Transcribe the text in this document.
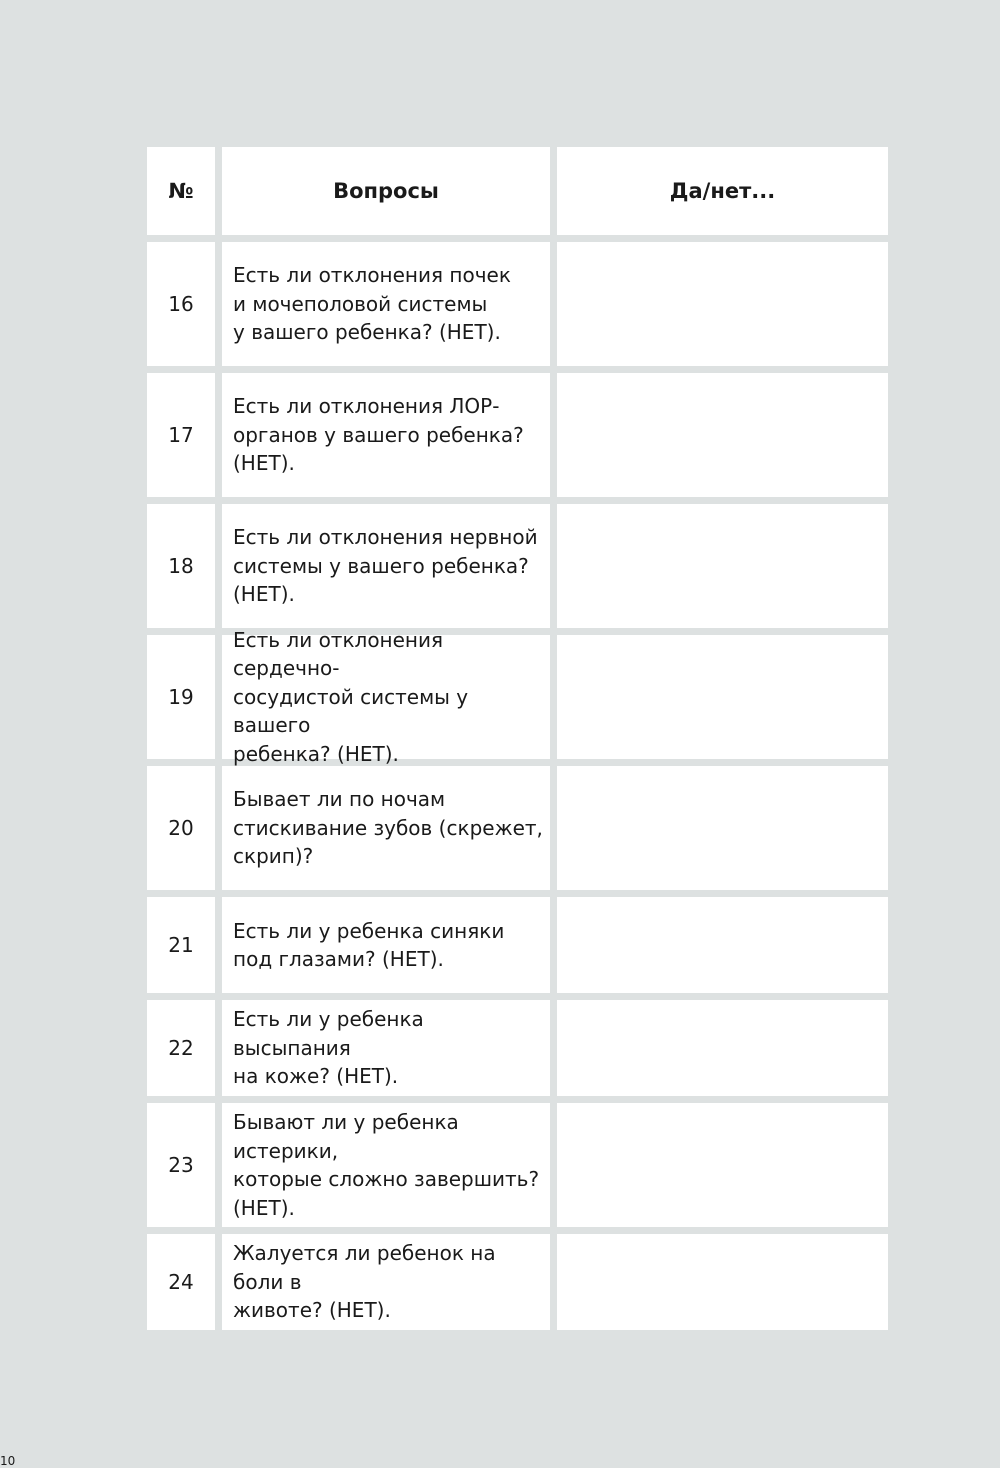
№	Вопросы	Да/нет...
16
Есть ли отклонения почек
и мочеполовой системы
у вашего ребенка? (НЕТ).
17
Есть ли отклонения ЛОР-
органов у вашего ребенка?
(НЕТ).
18
Есть ли отклонения нервной
системы у вашего ребенка?
(НЕТ).
19
Есть ли отклонения сердечно-
сосудистой системы у вашего
ребенка? (НЕТ).
20
Бывает ли по ночам
стискивание зубов (скрежет,
скрип)?
21
Есть ли у ребенка синяки
под глазами? (НЕТ).
22
Есть ли у ребенка высыпания
на коже? (НЕТ).
23
Бывают ли у ребенка истерики,
которые сложно завершить?
(НЕТ).
24
Жалуется ли ребенок на боли в
животе? (НЕТ).
10
